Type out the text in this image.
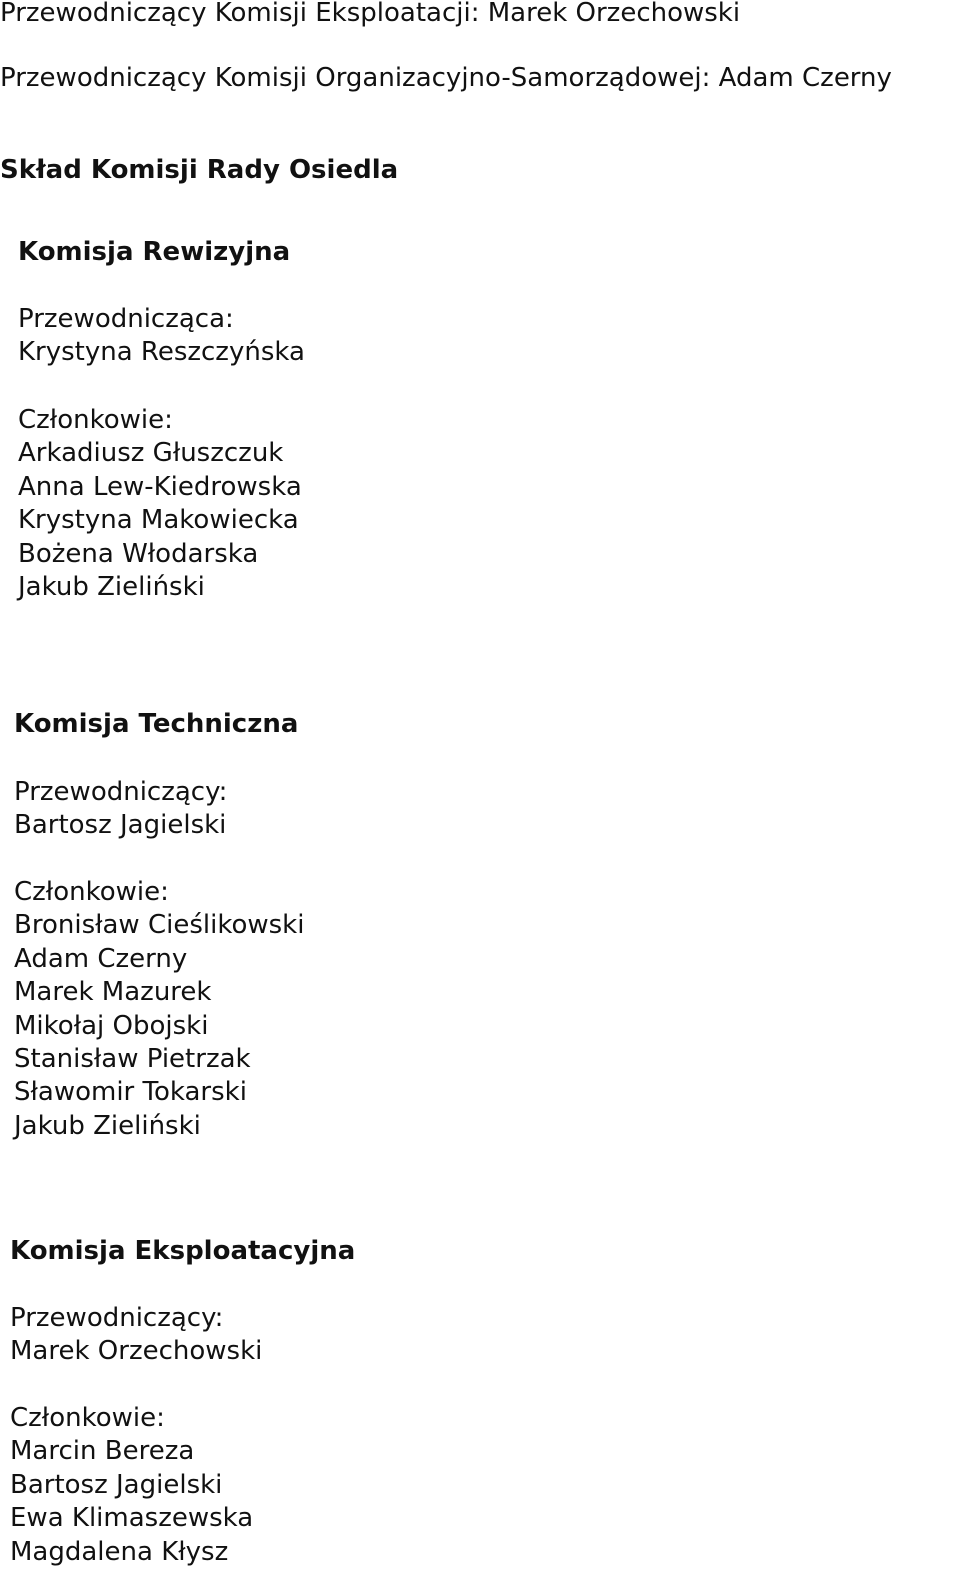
Przewodniczący Komisji Eksploatacji: Marek Orzechowski

Przewodniczący Komisji Organizacyjno-Samorządowej: Adam Czerny

Skład Komisji Rady Osiedla

Komisja Rewizyjna

Przewodnicząca:
Krystyna Reszczyńska
Członkowie:
Arkadiusz Głuszczuk
Anna Lew-Kiedrowska
Krystyna Makowiecka
Bożena Włodarska
Jakub Zieliński

Komisja Techniczna

Przewodniczący:
Bartosz Jagielski
Członkowie:
Bronisław Cieślikowski
Adam Czerny
Marek Mazurek
Mikołaj Obojski
Stanisław Pietrzak
Sławomir Tokarski
Jakub Zieliński

Komisja Eksploatacyjna

Przewodniczący:
Marek Orzechowski
Członkowie:
Marcin Bereza
Bartosz Jagielski
Ewa Klimaszewska
Magdalena Kłysz
